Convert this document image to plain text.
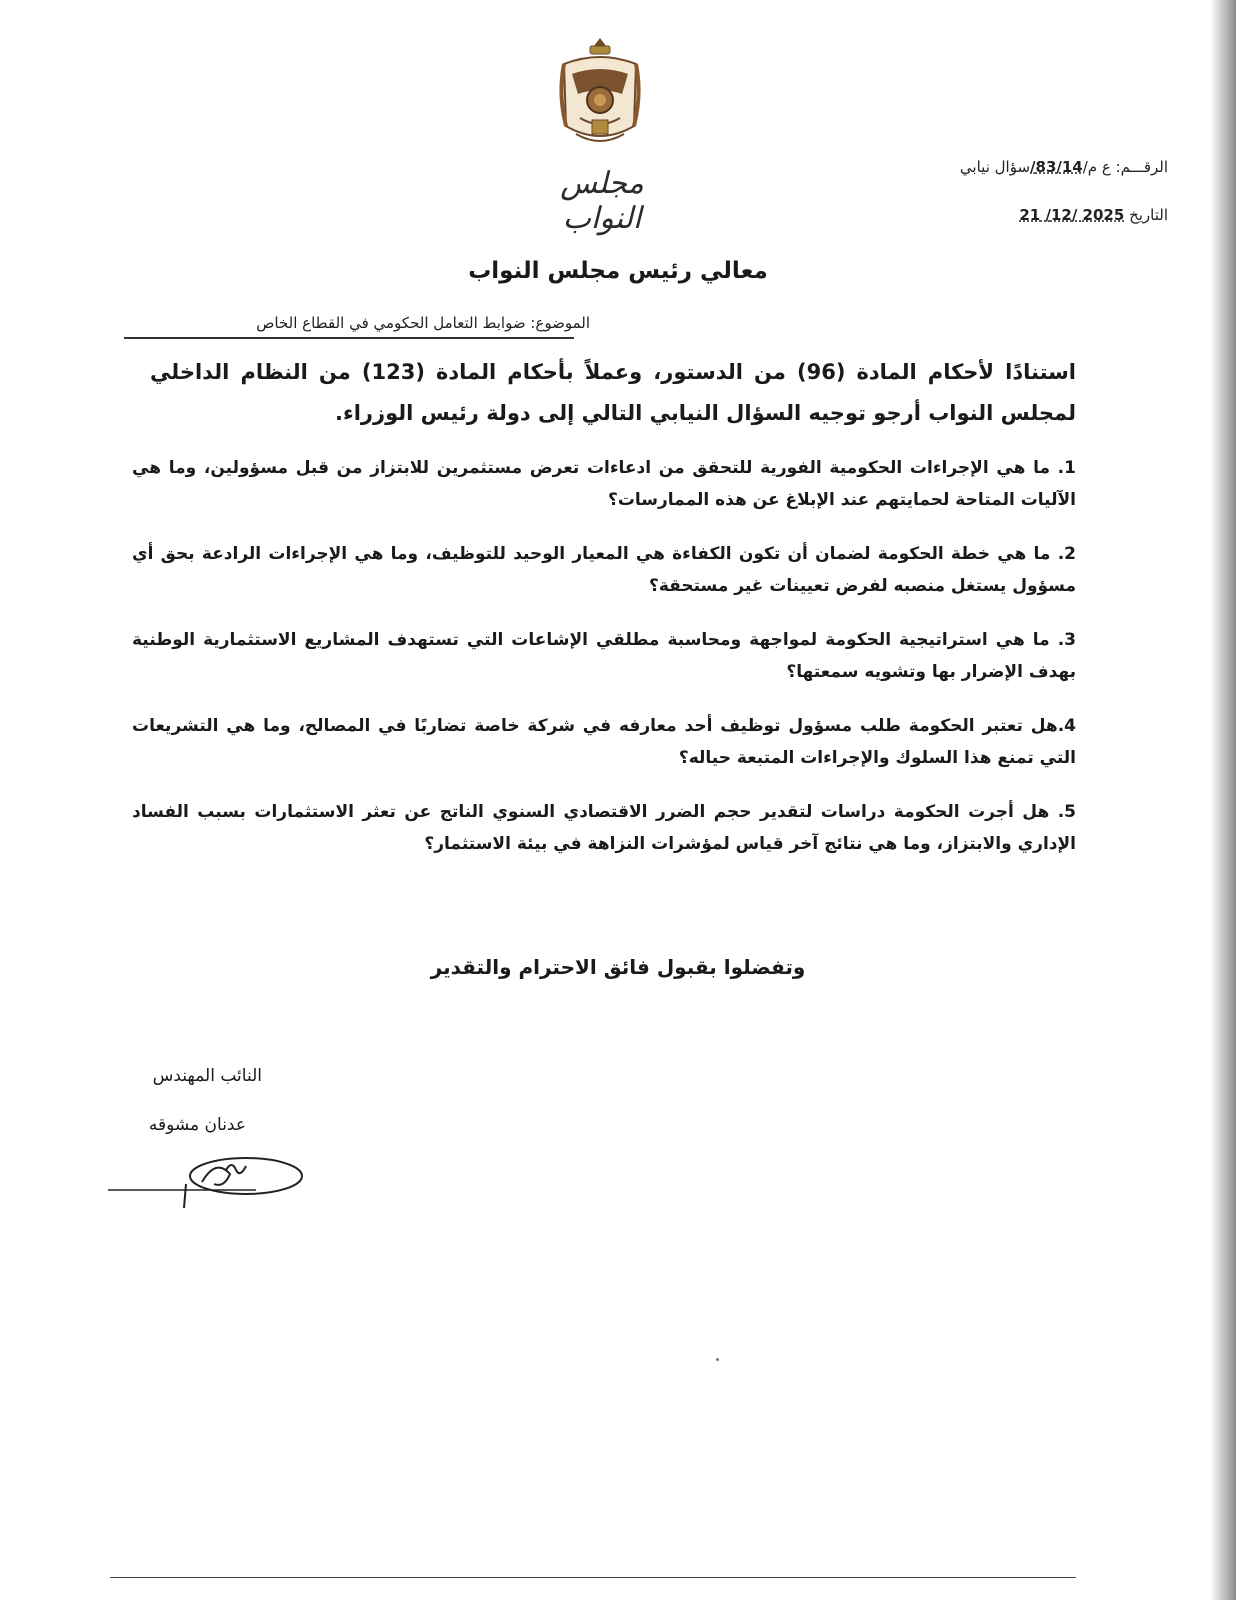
مجلس النواب
الرقـــم: ع م/83/14/سؤال نيابي
التاريخ 2025 /12/ 21
معالي رئيس مجلس النواب
الموضوع: ضوابط التعامل الحكومي في القطاع الخاص
استنادًا لأحكام المادة (96) من الدستور، وعملاً بأحكام المادة (123) من النظام الداخلي لمجلس النواب أرجو توجيه السؤال النيابي التالي إلى دولة رئيس الوزراء.
1. ما هي الإجراءات الحكومية الفورية للتحقق من ادعاءات تعرض مستثمرين للابتزاز من قبل مسؤولين، وما هي الآليات المتاحة لحمايتهم عند الإبلاغ عن هذه الممارسات؟
2. ما هي خطة الحكومة لضمان أن تكون الكفاءة هي المعيار الوحيد للتوظيف، وما هي الإجراءات الرادعة بحق أي مسؤول يستغل منصبه لفرض تعيينات غير مستحقة؟
3. ما هي استراتيجية الحكومة لمواجهة ومحاسبة مطلقي الإشاعات التي تستهدف المشاريع الاستثمارية الوطنية بهدف الإضرار بها وتشويه سمعتها؟
4.هل تعتبر الحكومة طلب مسؤول توظيف أحد معارفه في شركة خاصة تضاربًا في المصالح، وما هي التشريعات التي تمنع هذا السلوك والإجراءات المتبعة حياله؟
5. هل أجرت الحكومة دراسات لتقدير حجم الضرر الاقتصادي السنوي الناتج عن تعثر الاستثمارات بسبب الفساد الإداري والابتزاز، وما هي نتائج آخر قياس لمؤشرات النزاهة في بيئة الاستثمار؟
وتفضلوا بقبول فائق الاحترام والتقدير
النائب المهندس
عدنان مشوقه
